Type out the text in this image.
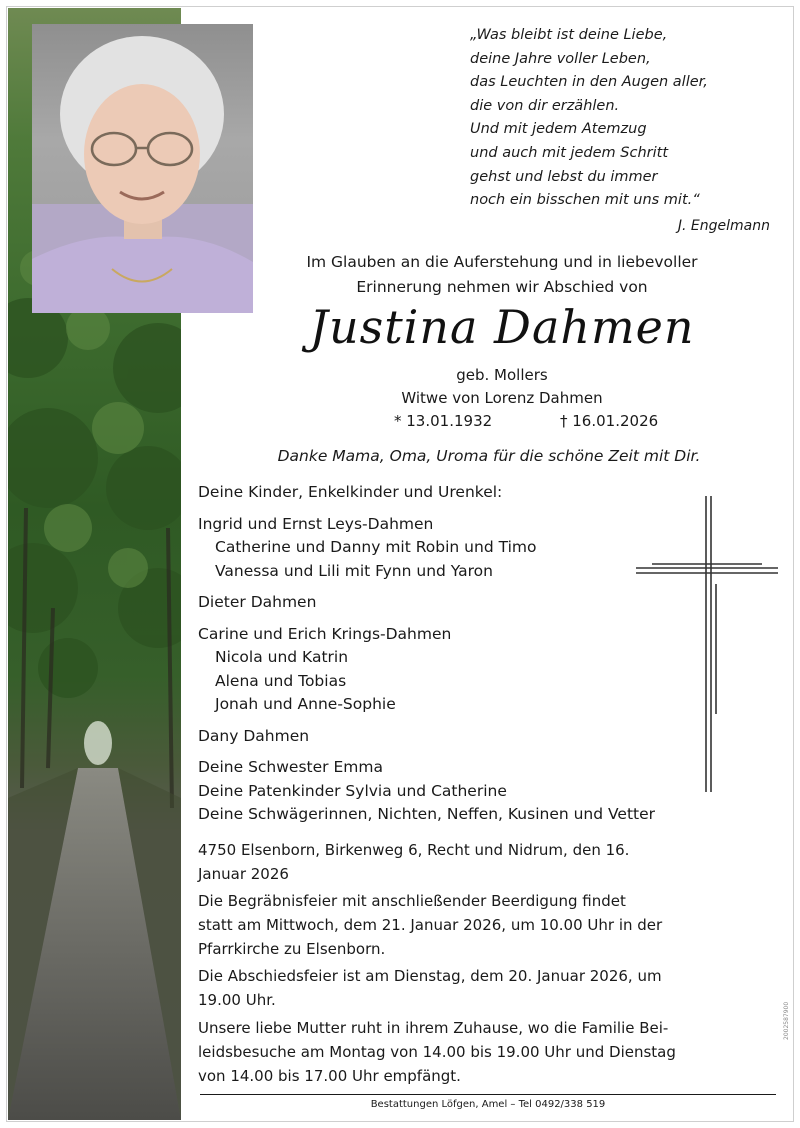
„Was bleibt ist deine Liebe,
deine Jahre voller Leben,
das Leuchten in den Augen aller,
die von dir erzählen.
Und mit jedem Atemzug
und auch mit jedem Schritt
gehst und lebst du immer
noch ein bisschen mit uns mit.“
J. Engelmann
Im Glauben an die Auferstehung und in liebevoller
Erinnerung nehmen wir Abschied von
Justina Dahmen
geb. Mollers
Witwe von Lorenz Dahmen
* 13.01.1932	† 16.01.2026
Danke Mama, Oma, Uroma für die schöne Zeit mit Dir.
Deine Kinder, Enkelkinder und Urenkel:
Ingrid und Ernst Leys-Dahmen
Catherine und Danny mit Robin und Timo
Vanessa und Lili mit Fynn und Yaron
Dieter Dahmen
Carine und Erich Krings-Dahmen
Nicola und Katrin
Alena und Tobias
Jonah und Anne-Sophie
Dany Dahmen
Deine Schwester Emma
Deine Patenkinder Sylvia und Catherine
Deine Schwägerinnen, Nichten, Neffen, Kusinen und Vetter
4750 Elsenborn, Birkenweg 6, Recht und Nidrum, den 16.
Januar 2026
Die Begräbnisfeier mit anschließender Beerdigung findet
statt am Mittwoch, dem 21. Januar 2026, um 10.00 Uhr in der
Pfarrkirche zu Elsenborn.
Die Abschiedsfeier ist am Dienstag, dem 20. Januar 2026, um
19.00 Uhr.
Unsere liebe Mutter ruht in ihrem Zuhause, wo die Familie Bei-
leidsbesuche am Montag von 14.00 bis 19.00 Uhr und Dienstag
von 14.00 bis 17.00 Uhr empfängt.
Bestattungen Löfgen, Amel – Tel 0492/338 519
2002587900
